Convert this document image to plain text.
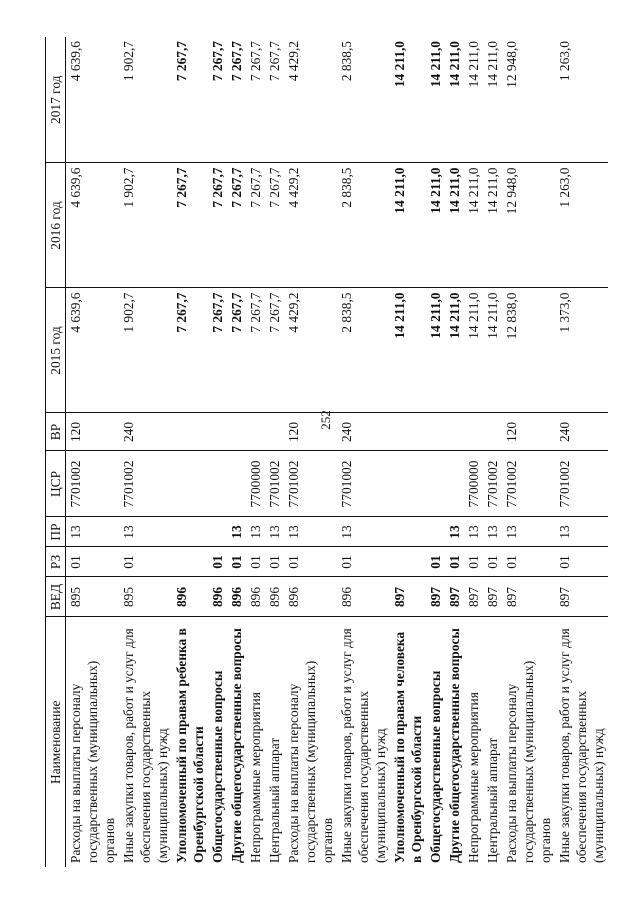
252
Наименование	ВЕД	РЗ	ПР	ЦСР	ВР	2015 год	2016 год	2017 год
Расходы на выплаты персоналу государственных (муниципальных) органов	895	01	13	7701002	120	4 639,6	4 639,6	4 639,6
Иные закупки товаров, работ и услуг для обеспечения государственных (муниципальных) нужд	895	01	13	7701002	240	1 902,7	1 902,7	1 902,7
Уполномоченный по правам ребенка в Оренбургской области	896					7 267,7	7 267,7	7 267,7
Общегосударственные вопросы	896	01				7 267,7	7 267,7	7 267,7
Другие общегосударственные вопросы	896	01	13			7 267,7	7 267,7	7 267,7
Непрограммные мероприятия	896	01	13	7700000		7 267,7	7 267,7	7 267,7
Центральный аппарат	896	01	13	7701002		7 267,7	7 267,7	7 267,7
Расходы на выплаты персоналу государственных (муниципальных) органов	896	01	13	7701002	120	4 429,2	4 429,2	4 429,2
Иные закупки товаров, работ и услуг для обеспечения государственных (муниципальных) нужд	896	01	13	7701002	240	2 838,5	2 838,5	2 838,5
Уполномоченный по правам человека в Оренбургской области	897					14 211,0	14 211,0	14 211,0
Общегосударственные вопросы	897	01				14 211,0	14 211,0	14 211,0
Другие общегосударственные вопросы	897	01	13			14 211,0	14 211,0	14 211,0
Непрограммные мероприятия	897	01	13	7700000		14 211,0	14 211,0	14 211,0
Центральный аппарат	897	01	13	7701002		14 211,0	14 211,0	14 211,0
Расходы на выплаты персоналу государственных (муниципальных) органов	897	01	13	7701002	120	12 838,0	12 948,0	12 948,0
Иные закупки товаров, работ и услуг для обеспечения государственных (муниципальных) нужд	897	01	13	7701002	240	1 373,0	1 263,0	1 263,0
